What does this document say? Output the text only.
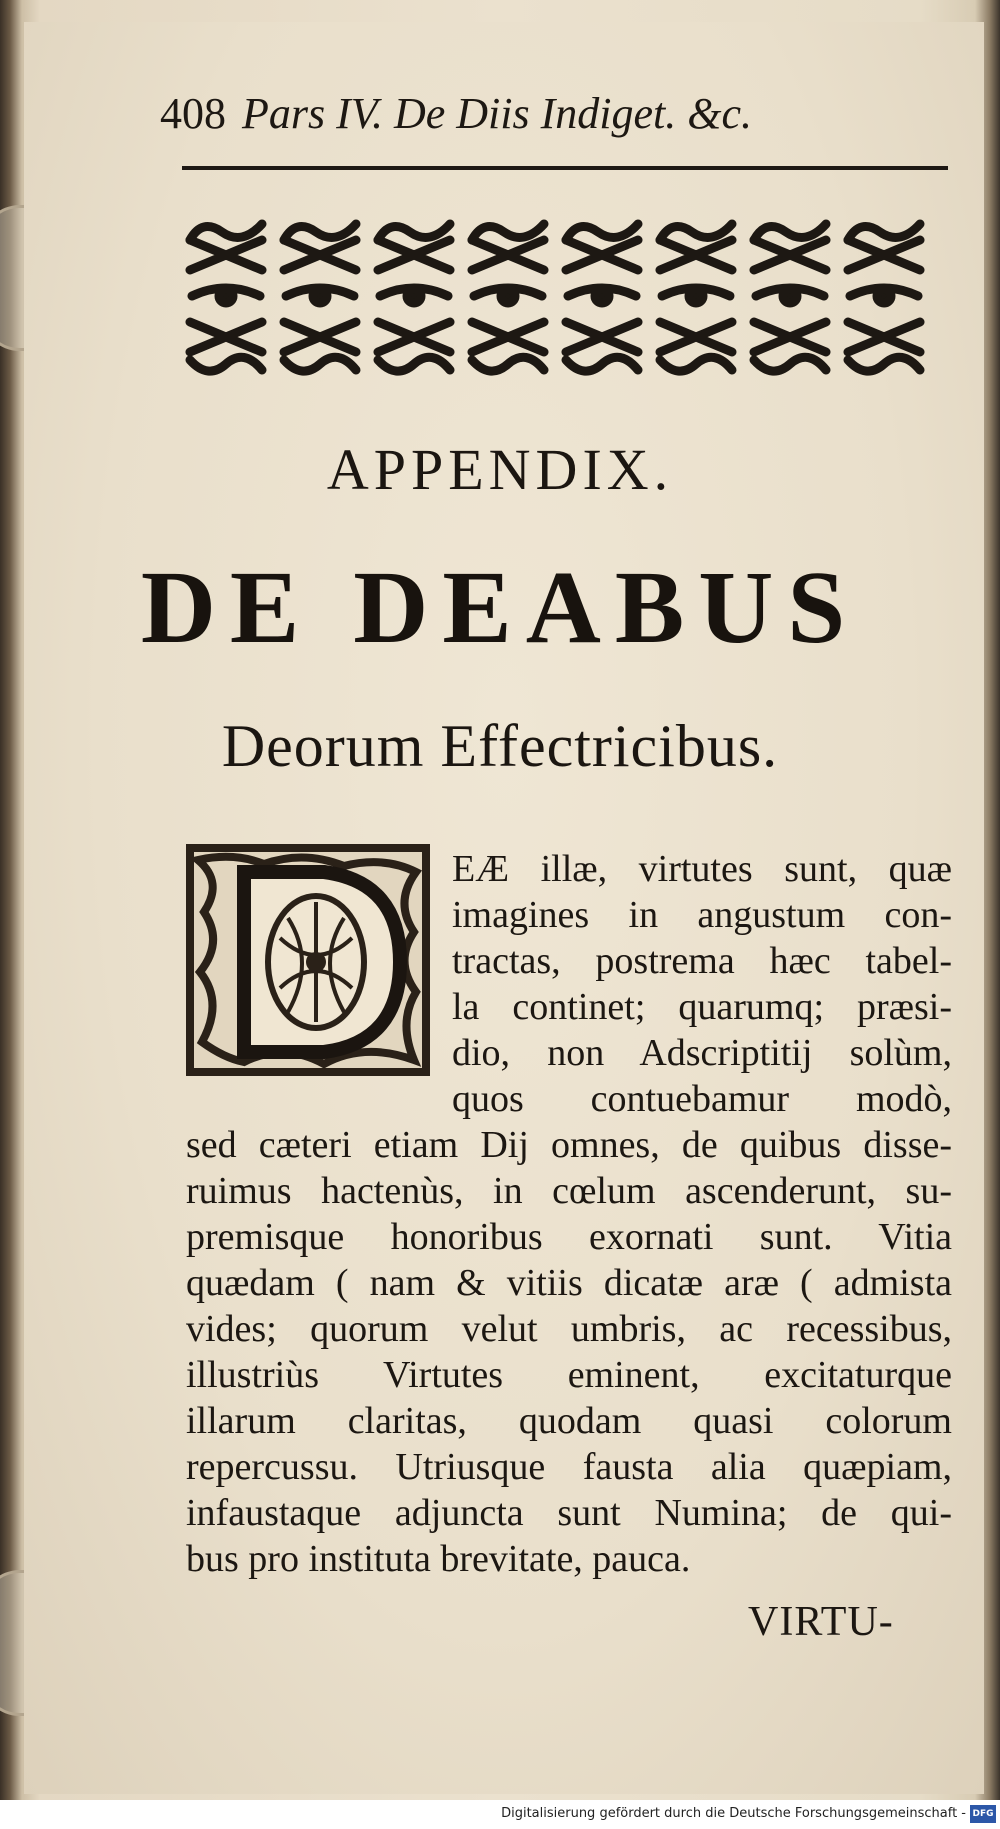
408 Pars IV. De Diis Indiget. &c.
APPENDIX.
DE DEABUS
Deorum Effectricibus.
EÆ illæ, virtutes sunt, quæ
imagines in angustum con-
tractas, postrema hæc tabel-
la continet; quarumq; præsi-
dio, non Adscriptitij solùm,
quos contuebamur modò,
sed cæteri etiam Dij omnes, de quibus disse-
ruimus hactenùs, in cœlum ascenderunt, su-
premisque honoribus exornati sunt. Vitia
quædam ( nam & vitiis dicatæ aræ ( admista
vides; quorum velut umbris, ac recessibus,
illustriùs Virtutes eminent, excitaturque
illarum claritas, quodam quasi colorum
repercussu. Utriusque fausta alia quæpiam,
infaustaque adjuncta sunt Numina; de qui-
bus pro instituta brevitate, pauca.
VIRTU-
Digitalisierung gefördert durch die Deutsche Forschungsgemeinschaft - DFG
